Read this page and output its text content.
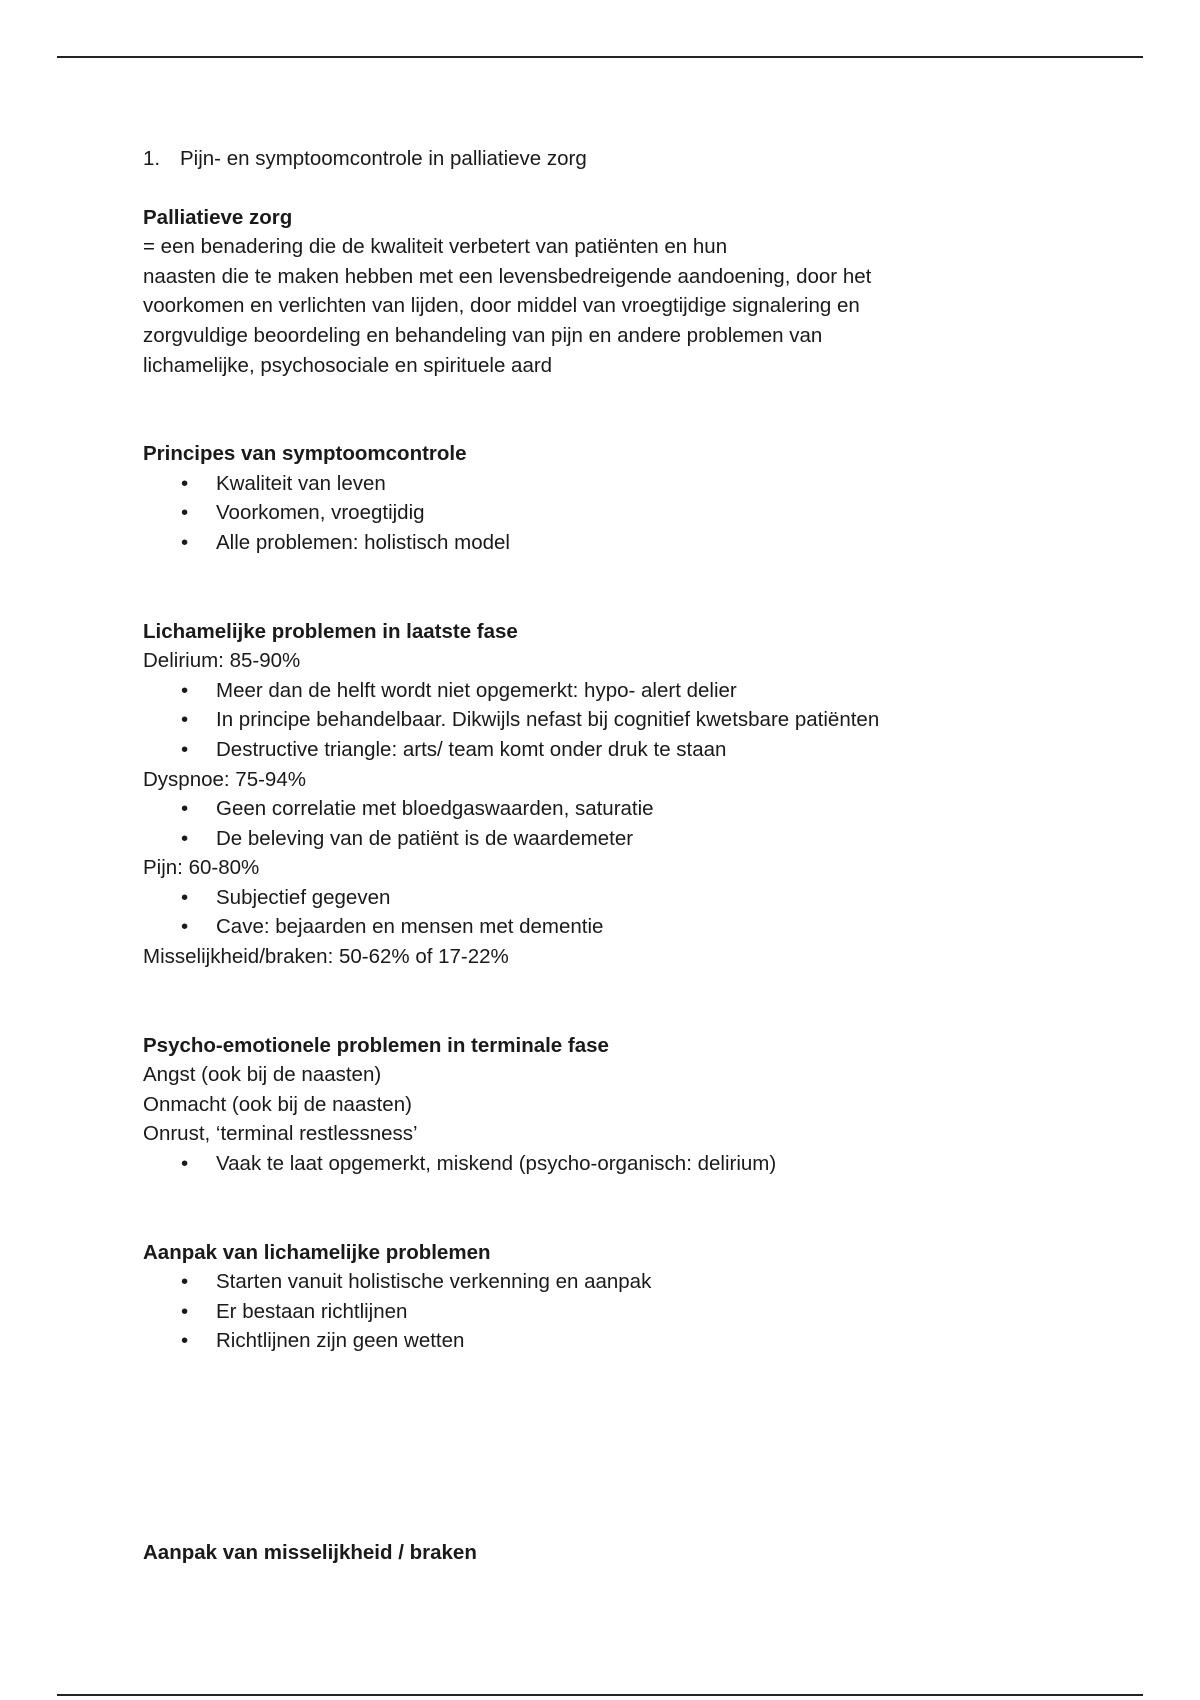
1. Pijn- en symptoomcontrole in palliatieve zorg

Palliatieve zorg

= een benadering die de kwaliteit verbetert van patiënten en hun

naasten die te maken hebben met een levensbedreigende aandoening, door het

voorkomen en verlichten van lijden, door middel van vroegtijdige signalering en

zorgvuldige beoordeling en behandeling van pijn en andere problemen van

lichamelijke, psychosociale en spirituele aard

Principes van symptoomcontrole

•	Kwaliteit van leven
•	Voorkomen, vroegtijdig
•	Alle problemen: holistisch model

Lichamelijke problemen in laatste fase

Delirium: 85-90%

•	Meer dan de helft wordt niet opgemerkt: hypo- alert delier
•	In principe behandelbaar. Dikwijls nefast bij cognitief kwetsbare patiënten
•	Destructive triangle: arts/ team komt onder druk te staan

Dyspnoe: 75-94%

•	Geen correlatie met bloedgaswaarden, saturatie
•	De beleving van de patiënt is de waardemeter

Pijn: 60-80%

•	Subjectief gegeven
•	Cave: bejaarden en mensen met dementie

Misselijkheid/braken: 50-62% of 17-22%

Psycho-emotionele problemen in terminale fase

Angst (ook bij de naasten)

Onmacht (ook bij de naasten)

Onrust, ‘terminal restlessness’

•	Vaak te laat opgemerkt, miskend (psycho-organisch: delirium)

Aanpak van lichamelijke problemen

•	Starten vanuit holistische verkenning en aanpak
•	Er bestaan richtlijnen
•	Richtlijnen zijn geen wetten

Aanpak van misselijkheid / braken
